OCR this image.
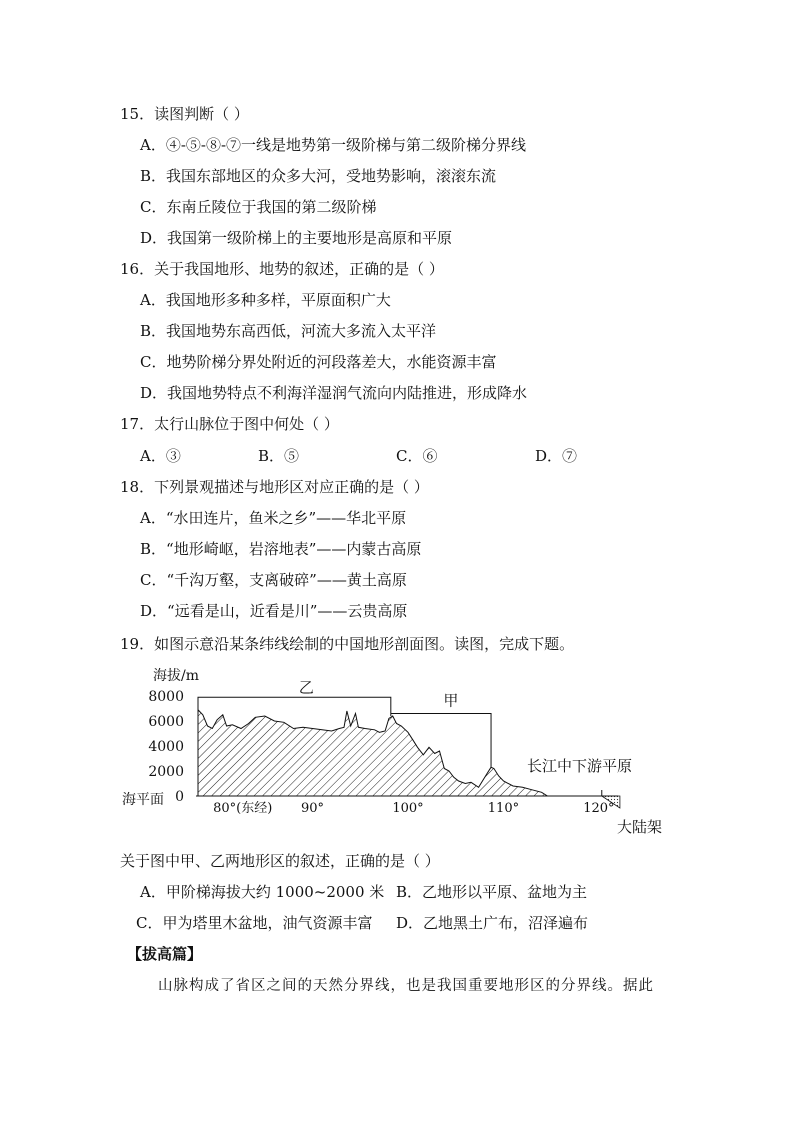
15．读图判断（ ）
A．④-⑤-⑧-⑦一线是地势第一级阶梯与第二级阶梯分界线
B．我国东部地区的众多大河，受地势影响，滚滚东流
C．东南丘陵位于我国的第二级阶梯
D．我国第一级阶梯上的主要地形是高原和平原
16．关于我国地形、地势的叙述，正确的是（ ）
A．我国地形多种多样，平原面积广大
B．我国地势东高西低，河流大多流入太平洋
C．地势阶梯分界处附近的河段落差大，水能资源丰富
D．我国地势特点不利海洋湿润气流向内陆推进，形成降水
17．太行山脉位于图中何处（ ）
A．③	B．⑤	C．⑥	D．⑦
18．下列景观描述与地形区对应正确的是（ ）
A．“水田连片，鱼米之乡”——华北平原
B．“地形崎岖，岩溶地表”——内蒙古高原
C．“千沟万壑，支离破碎”——黄土高原
D．“远看是山，近看是川”——云贵高原
19．如图示意沿某条纬线绘制的中国地形剖面图。读图，完成下题。
海拔/m
8000
6000
4000
2000
0
海平面
80°(东经) 90°	100°	110°	120°
乙
甲
长江中下游平原
大陆架
关于图中甲、乙两地形区的叙述，正确的是（ ）
A．甲阶梯海拔大约 1000~2000 米 B．乙地形以平原、盆地为主
C．甲为塔里木盆地，油气资源丰富 D．乙地黑土广布，沼泽遍布
【拔高篇】
山脉构成了省区之间的天然分界线，也是我国重要地形区的分界线。据此
